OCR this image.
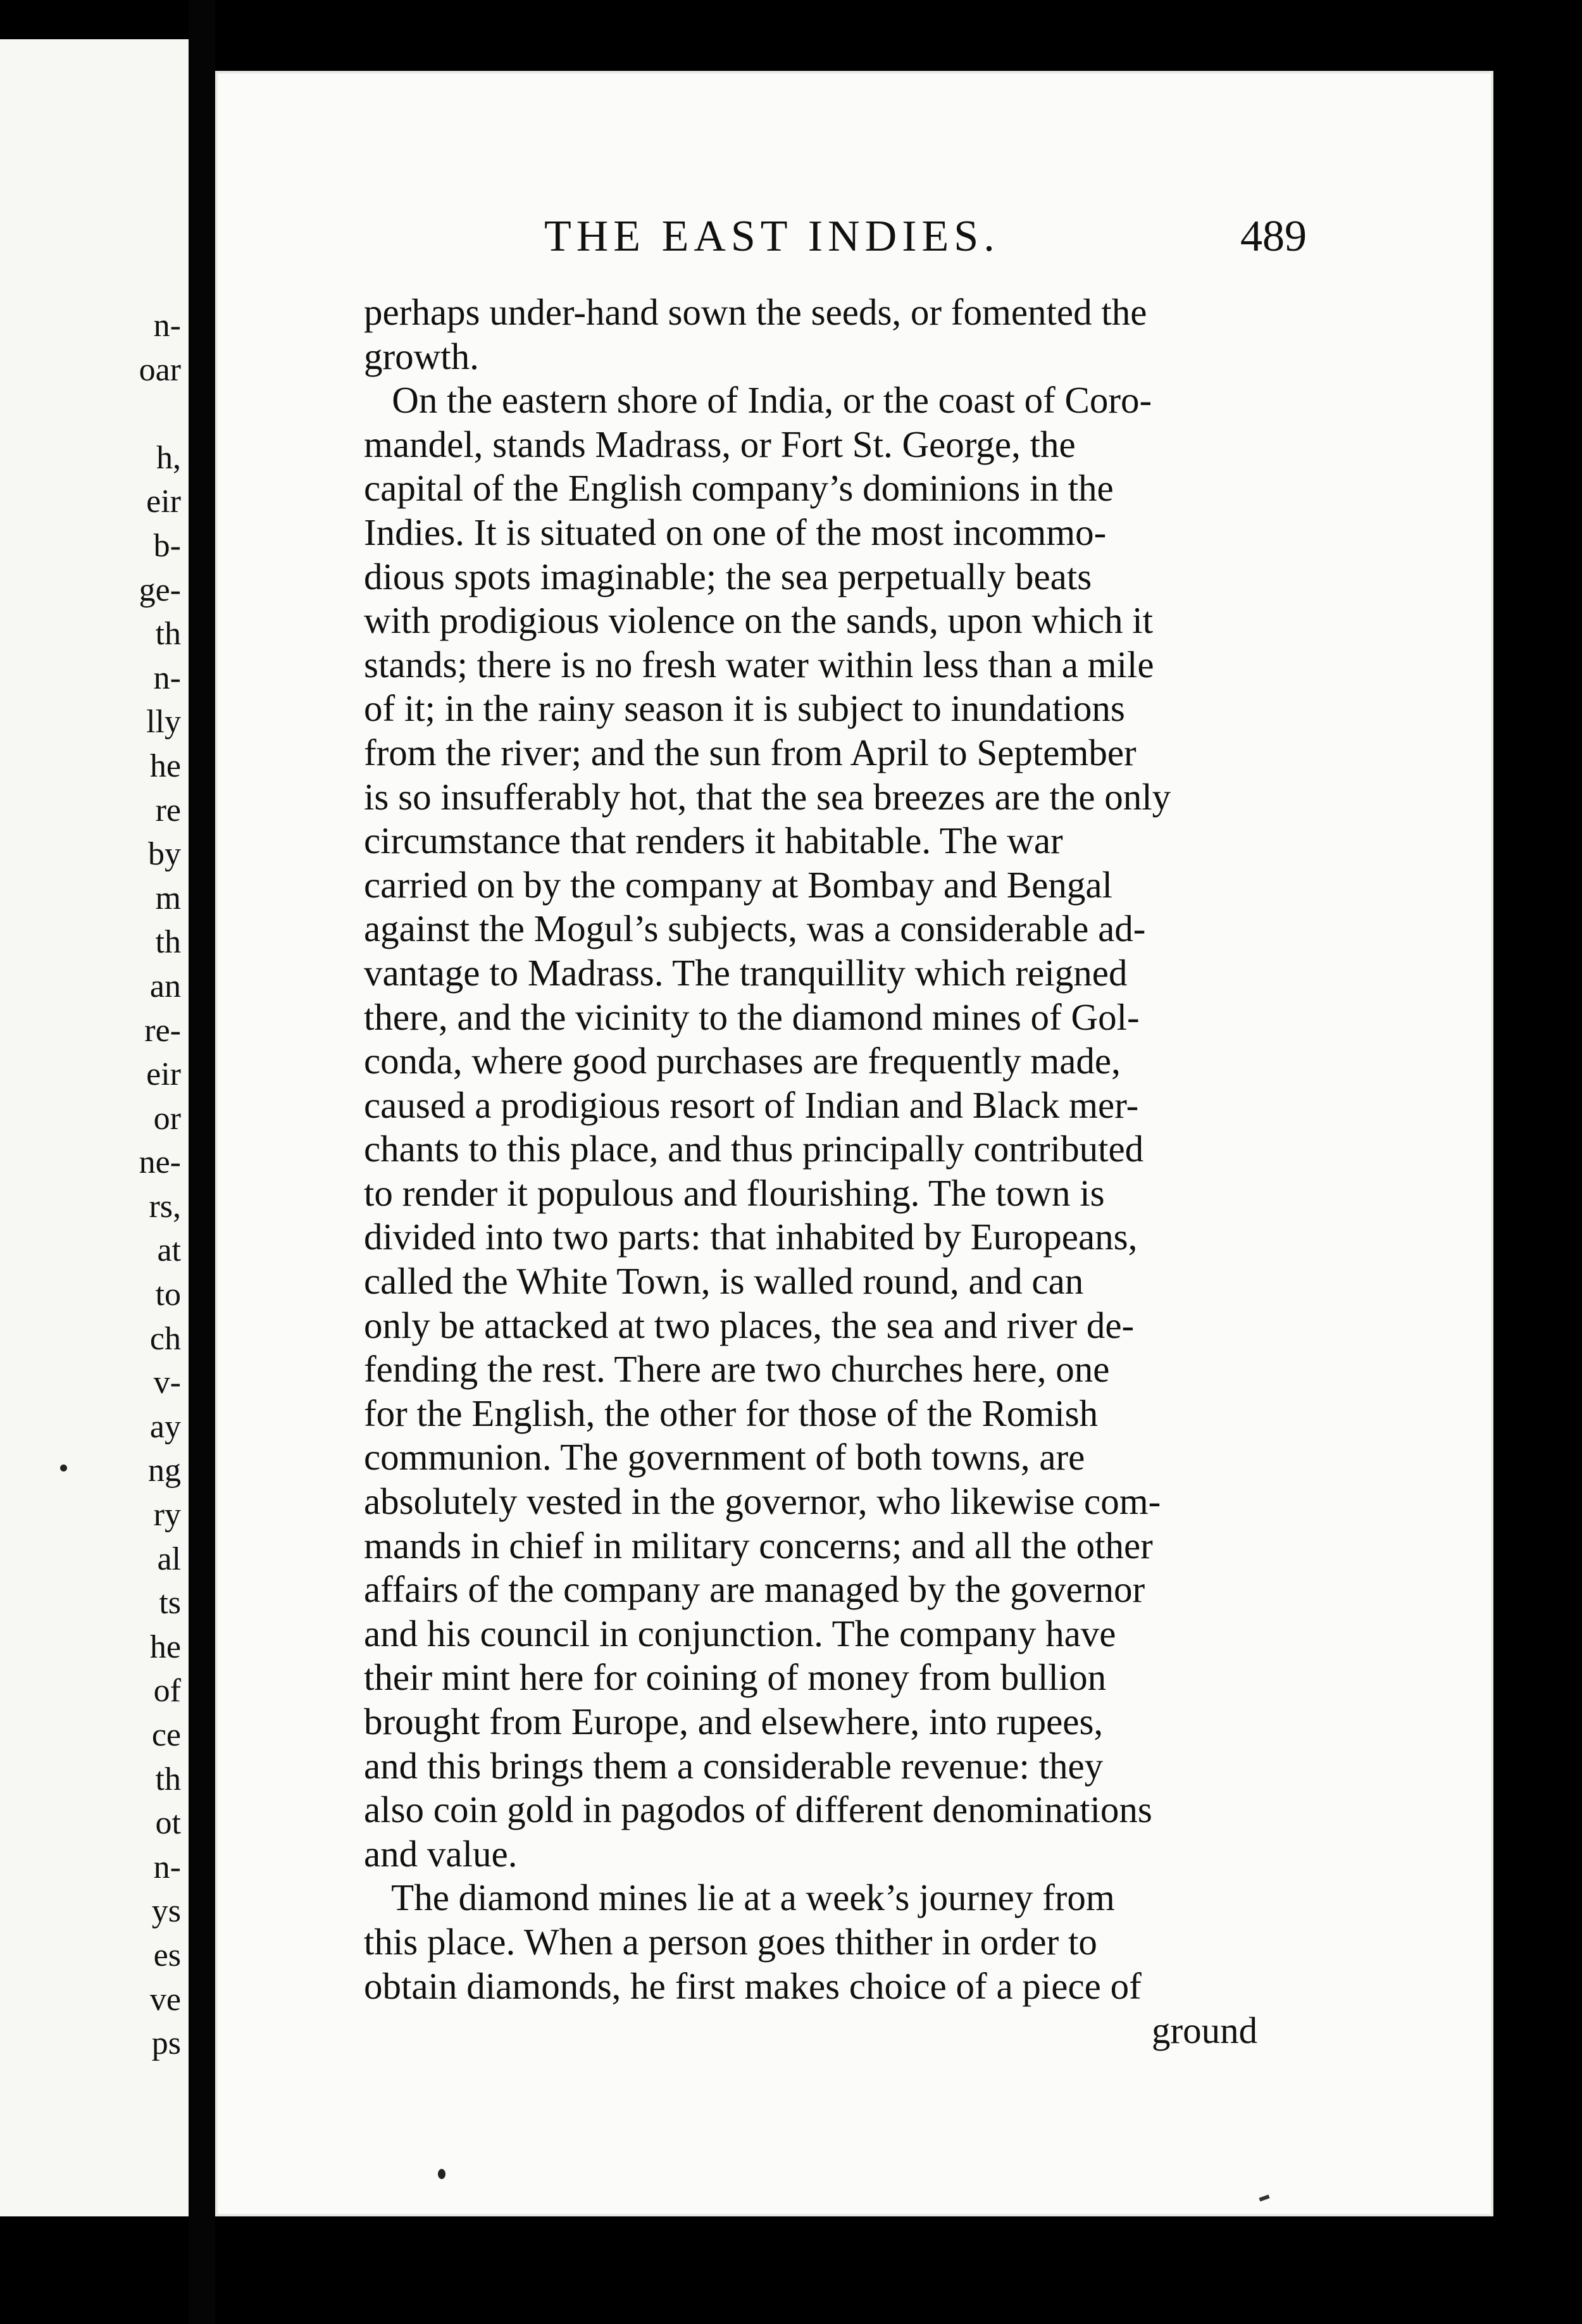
n-
oar
h,
eir
b-
ge-
th
n-
lly
he
re
by
m
th
an
re-
eir
or
ne-
rs,
at
to
ch
v-
ay
ng
ry
al
ts
he
of
ce
th
ot
n-
ys
es
ve
ps
THE EAST INDIES.	489
perhaps under-hand sown the seeds, or fomented the
growth.
On the eastern shore of India, or the coast of Coro-
mandel, stands Madrass, or Fort St. George, the
capital of the English company’s dominions in the
Indies. It is situated on one of the most incommo-
dious spots imaginable; the sea perpetually beats
with prodigious violence on the sands, upon which it
stands; there is no fresh water within less than a mile
of it; in the rainy season it is subject to inundations
from the river; and the sun from April to September
is so insufferably hot, that the sea breezes are the only
circumstance that renders it habitable. The war
carried on by the company at Bombay and Bengal
against the Mogul’s subjects, was a considerable ad-
vantage to Madrass. The tranquillity which reigned
there, and the vicinity to the diamond mines of Gol-
conda, where good purchases are frequently made,
caused a prodigious resort of Indian and Black mer-
chants to this place, and thus principally contributed
to render it populous and flourishing. The town is
divided into two parts: that inhabited by Europeans,
called the White Town, is walled round, and can
only be attacked at two places, the sea and river de-
fending the rest. There are two churches here, one
for the English, the other for those of the Romish
communion. The government of both towns, are
absolutely vested in the governor, who likewise com-
mands in chief in military concerns; and all the other
affairs of the company are managed by the governor
and his council in conjunction. The company have
their mint here for coining of money from bullion
brought from Europe, and elsewhere, into rupees,
and this brings them a considerable revenue: they
also coin gold in pagodos of different denominations
and value.
The diamond mines lie at a week’s journey from
this place. When a person goes thither in order to
obtain diamonds, he first makes choice of a piece of
ground
